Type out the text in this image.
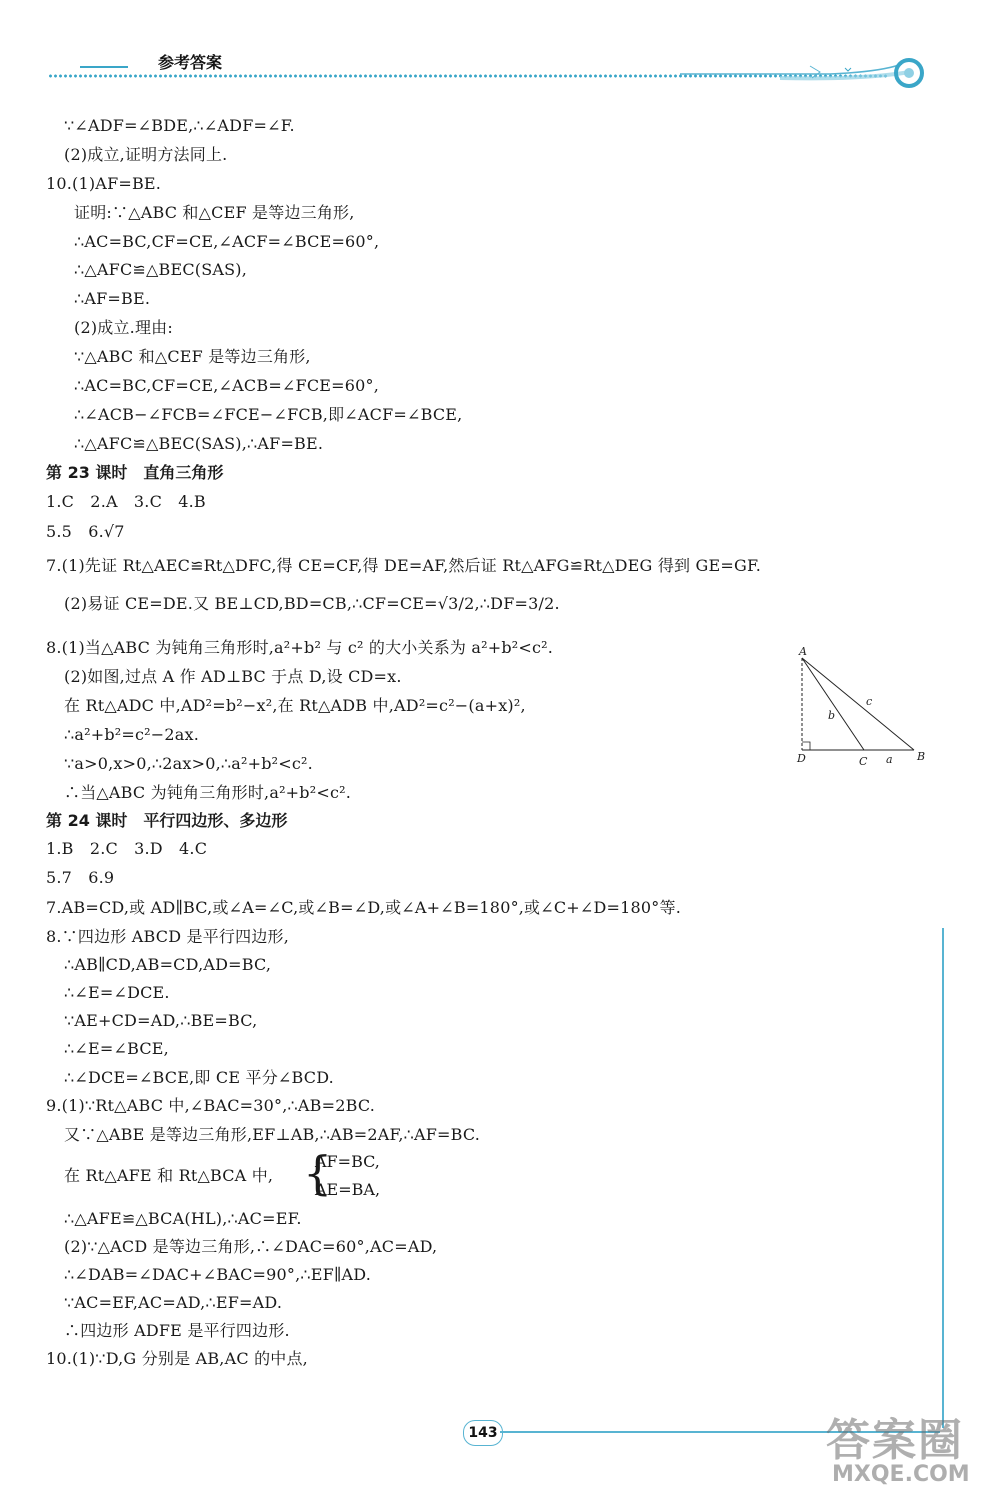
参考答案
∵∠ADF=∠BDE,∴∠ADF=∠F.
(2)成立,证明方法同上.
10.(1)AF=BE.
证明:∵△ABC 和△CEF 是等边三角形,
∴AC=BC,CF=CE,∠ACF=∠BCE=60°,
∴△AFC≌△BEC(SAS),
∴AF=BE.
(2)成立.理由:
∵△ABC 和△CEF 是等边三角形,
∴AC=BC,CF=CE,∠ACB=∠FCE=60°,
∴∠ACB−∠FCB=∠FCE−∠FCB,即∠ACF=∠BCE,
∴△AFC≌△BEC(SAS),∴AF=BE.
第 23 课时　直角三角形
1.C　2.A　3.C　4.B
5.5　6.√7
7.(1)先证 Rt△AEC≌Rt△DFC,得 CE=CF,得 DE=AF,然后证 Rt△AFG≌Rt△DEG 得到 GE=GF.
(2)易证 CE=DE.又 BE⊥CD,BD=CB,∴CF=CE=√3/2,∴DF=3/2.
8.(1)当△ABC 为钝角三角形时,a²+b² 与 c² 的大小关系为 a²+b²<c².
(2)如图,过点 A 作 AD⊥BC 于点 D,设 CD=x.
在 Rt△ADC 中,AD²=b²−x²,在 Rt△ADB 中,AD²=c²−(a+x)²,
∴a²+b²=c²−2ax.
∵a>0,x>0,∴2ax>0,∴a²+b²<c².
∴当△ABC 为钝角三角形时,a²+b²<c².
第 24 课时　平行四边形、多边形
1.B　2.C　3.D　4.C
5.7　6.9
7.AB=CD,或 AD∥BC,或∠A=∠C,或∠B=∠D,或∠A+∠B=180°,或∠C+∠D=180°等.
8.∵四边形 ABCD 是平行四边形,
∴AB∥CD,AB=CD,AD=BC,
∴∠E=∠DCE.
∵AE+CD=AD,∴BE=BC,
∴∠E=∠BCE,
∴∠DCE=∠BCE,即 CE 平分∠BCD.
9.(1)∵Rt△ABC 中,∠BAC=30°,∴AB=2BC.
又∵△ABE 是等边三角形,EF⊥AB,∴AB=2AF,∴AF=BC.
在 Rt△AFE 和 Rt△BCA 中, {
AF=BC,
AE=BA,
∴△AFE≌△BCA(HL),∴AC=EF.
(2)∵△ACD 是等边三角形,∴∠DAC=60°,AC=AD,
∴∠DAB=∠DAC+∠BAC=90°,∴EF∥AD.
∵AC=EF,AC=AD,∴EF=AD.
∴四边形 ADFE 是平行四边形.
10.(1)∵D,G 分别是 AB,AC 的中点,
A
B
C
D	a
b
c
143	答案圈
MXQE.COM
